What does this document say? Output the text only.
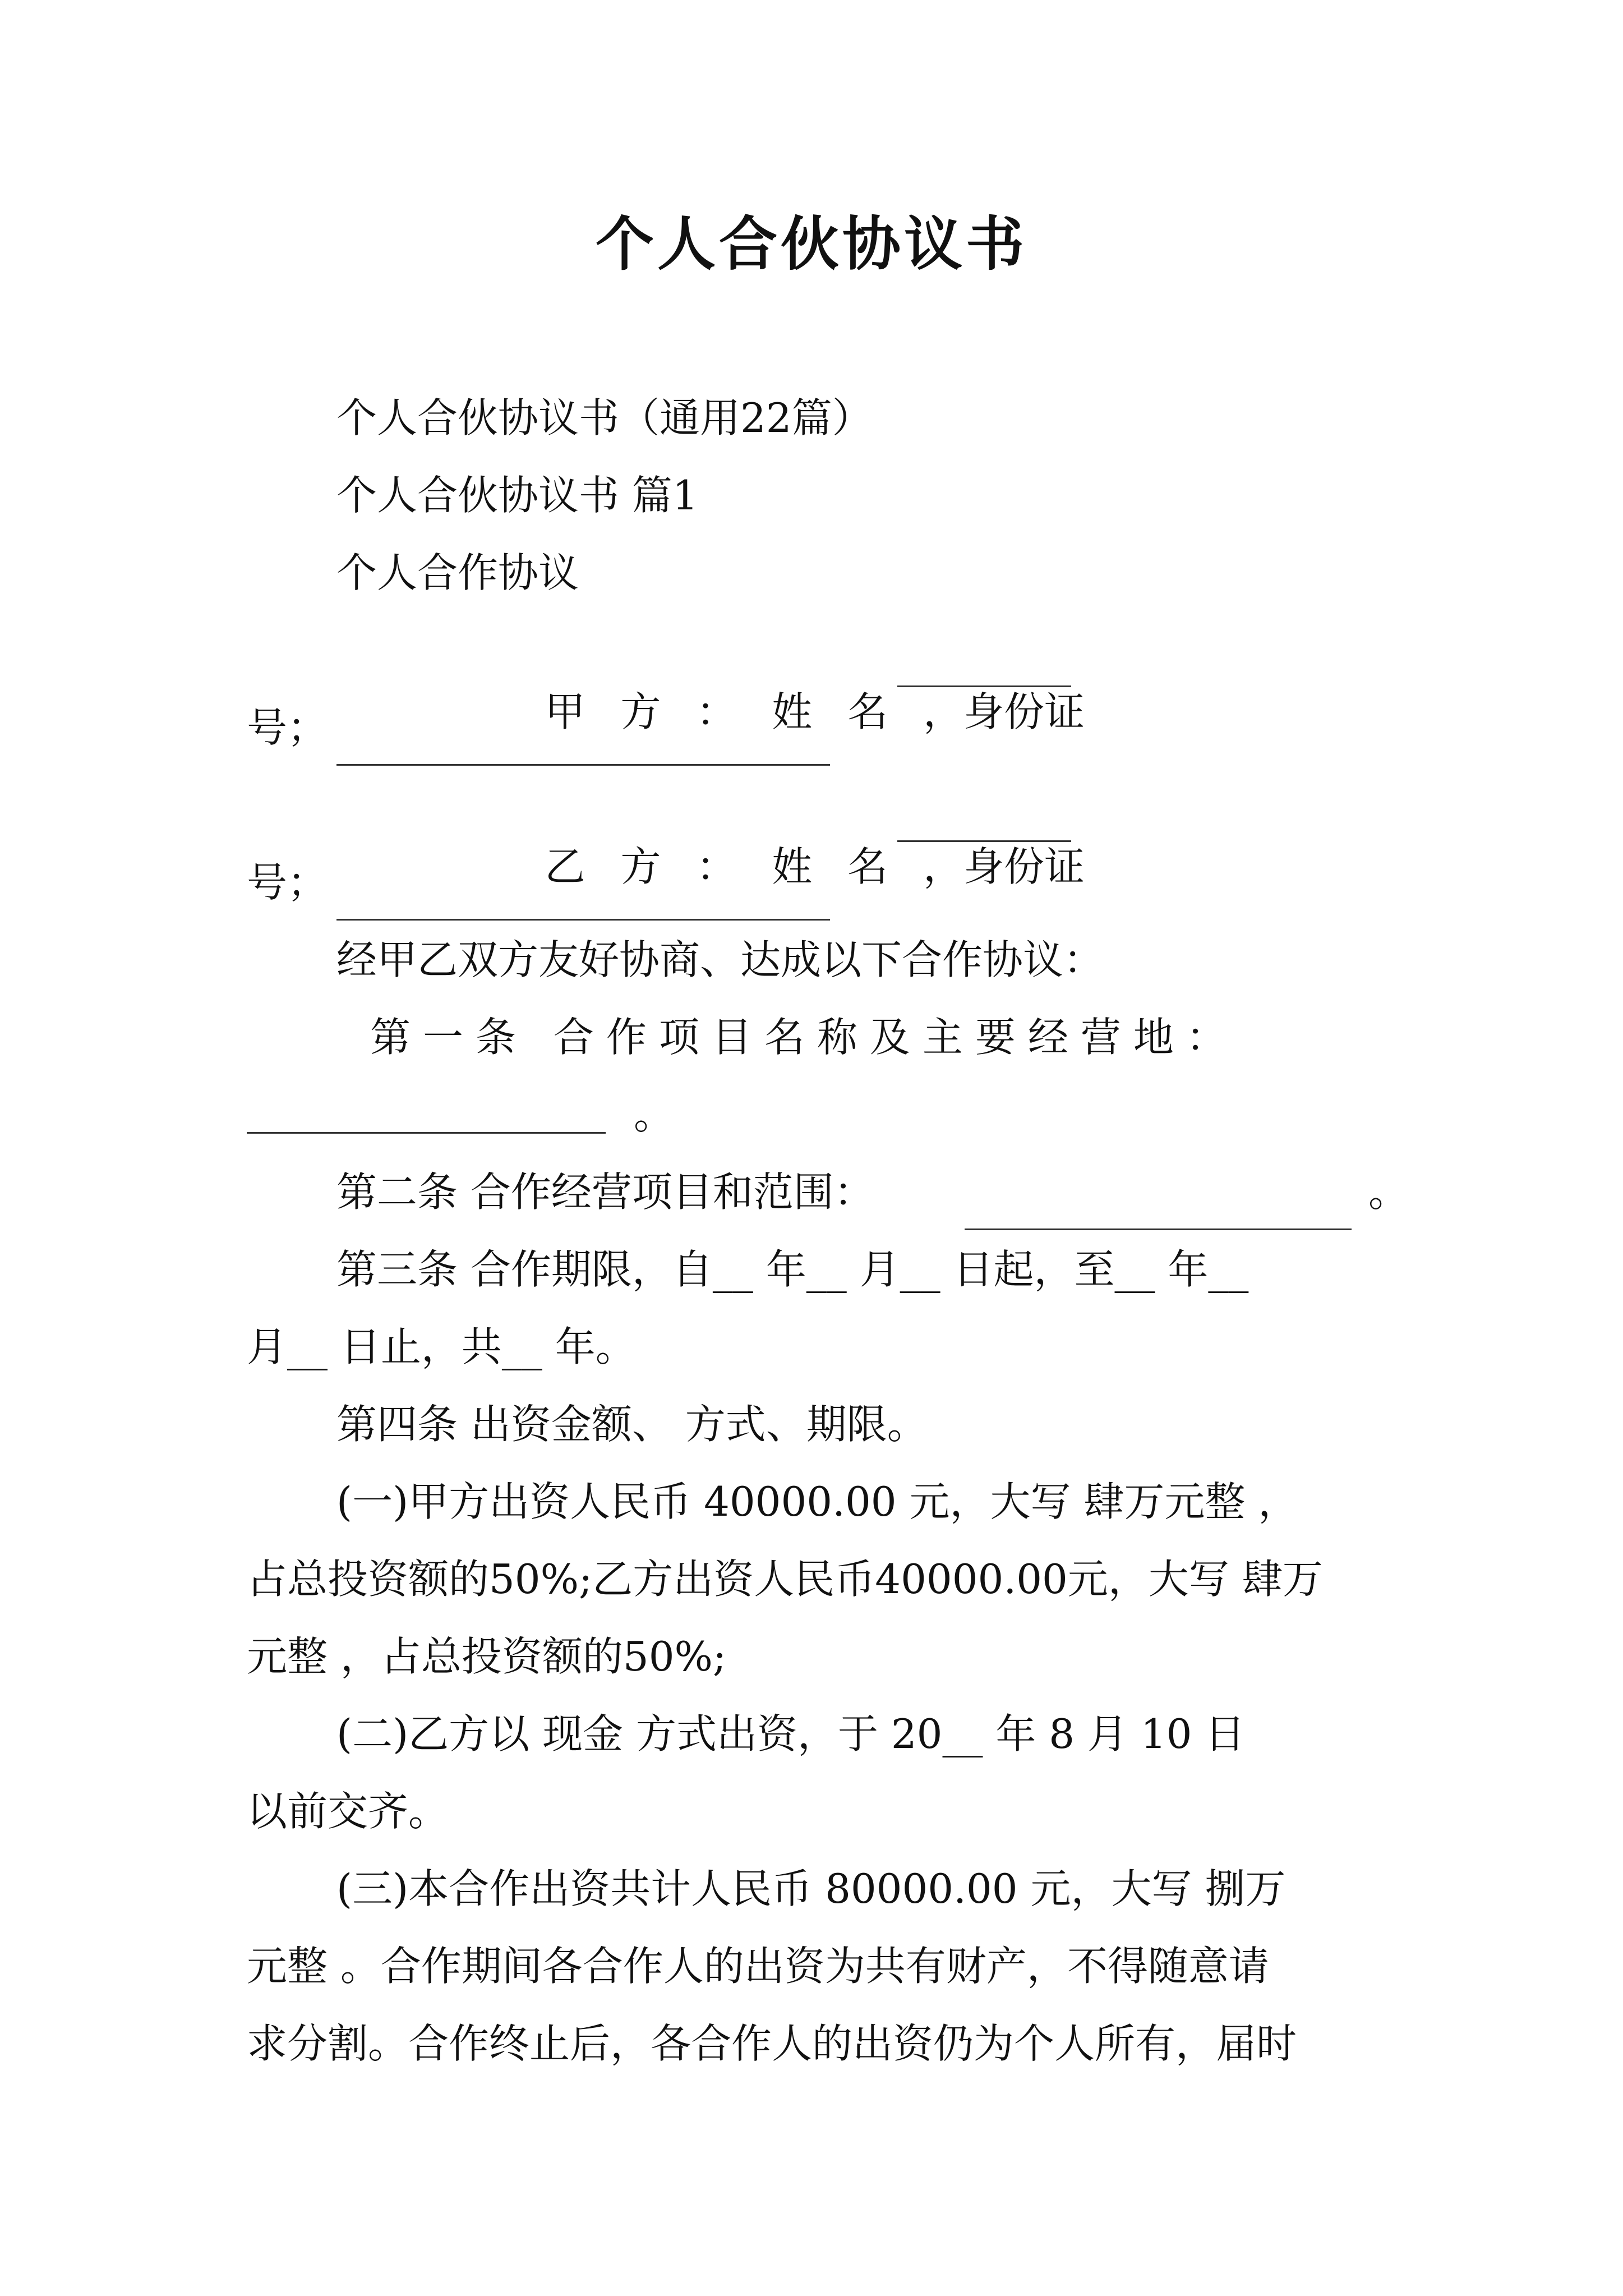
个人合伙协议书
个人合伙协议书（通用22篇）
个人合伙协议书 篇1
个人合作协议

甲 方 ： 姓 名 ，身份证

号；

乙 方 ： 姓 名 ，身份证

号；
经甲乙双方友好协商、达成以下合作协议：
第一条 合作项目名称及主要经营地：
。
第二条 合作经营项目和范围：	。
第三条 合作期限，自__ 年__ 月__ 日起，至__ 年__
月__ 日止，共__ 年。
第四条 出资金额、 方式、期限。
(一)甲方出资人民币 40000.00 元，大写 肆万元整 ，
占总投资额的50%;乙方出资人民币40000.00元，大写 肆万
元整 ，占总投资额的50%;
(二)乙方以 现金 方式出资，于 20__ 年 8 月 10 日
以前交齐。
(三)本合作出资共计人民币 80000.00 元，大写 捌万
元整 。合作期间各合作人的出资为共有财产，不得随意请
求分割。合作终止后，各合作人的出资仍为个人所有，届时
